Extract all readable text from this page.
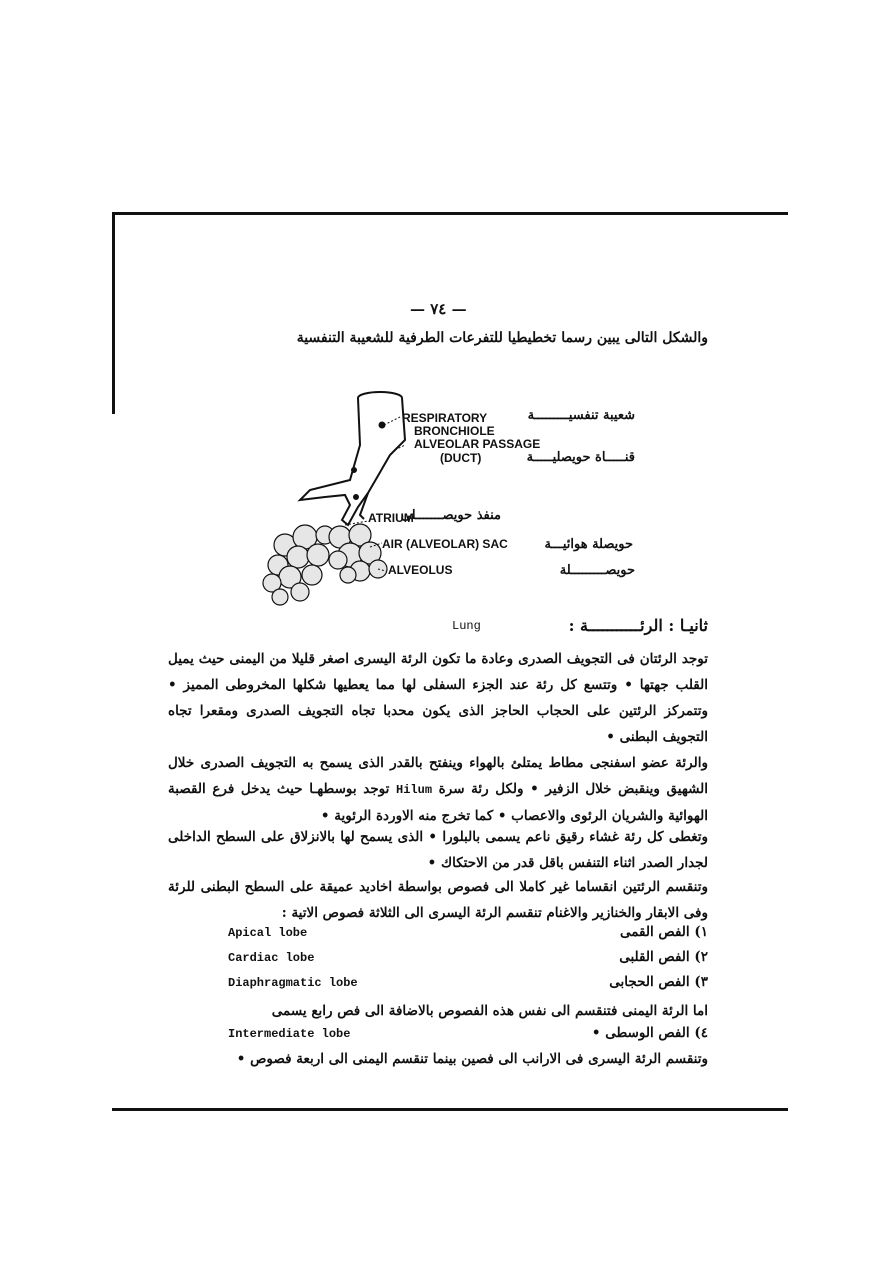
— ٧٤ —
والشكل التالى يبين رسما تخطيطيا للتفرعات الطرفية للشعيبة التنفسية
RESPIRATORY	شعيبة تنفسيـــــــــة
BRONCHIOLE
ALVEOLAR PASSAGE
(DUCT)	قنـــــاة حويصليـــــة
ATRIUM
منفذ حويصـــــــلى
AIR (ALVEOLAR) SAC	حويصلة هوائيـــة
ALVEOLUS	حويصـــــــــلة
ثانيـا : الرئـــــــــــة :
Lung
توجد الرئتان فى التجويف الصدرى وعادة ما تكون الرئة اليسرى اصغر قليلا من اليمنى حيث يميل القلب جهتها • وتتسع كل رئة عند الجزء السفلى لها مما يعطيها شكلها المخروطى المميز • وتتمركز الرئتين على الحجاب الحاجز الذى يكون محدبا تجاه التجويف الصدرى ومقعرا تجاه التجويف البطنى •
والرئة عضو اسفنجى مطاط يمتلئ بالهواء وينفتح بالقدر الذى يسمح به التجويف الصدرى خلال الشهيق وينقبض خلال الزفير • ولكل رئة سرة Hilum توجد بوسطهـا حيث يدخل فرع القصبة الهوائية والشريان الرئوى والاعصاب • كما تخرج منه الاوردة الرئوية •
وتغطى كل رئة غشاء رقيق ناعم يسمى بالبلورا • الذى يسمح لها بالانزلاق على السطح الداخلى لجدار الصدر اثناء التنفس باقل قدر من الاحتكاك •
وتنقسم الرئتين انقساما غير كاملا الى فصوص بواسطة اخاديد عميقة على السطح البطنى للرئة وفى الابقار والخنازير والاغنام تنقسم الرئة اليسرى الى الثلاثة فصوص الاتية :
Apical lobe	١) الفص القمى
Cardiac lobe	٢) الفص القلبى
Diaphragmatic lobe	٣) الفص الحجابى
اما الرئة اليمنى فتنقسم الى نفس هذه الفصوص بالاضافة الى فص رابع يسمى
Intermediate lobe	٤) الفص الوسطى •
وتنقسم الرئة اليسرى فى الارانب الى فصين بينما تنقسم اليمنى الى اربعة فصوص •
